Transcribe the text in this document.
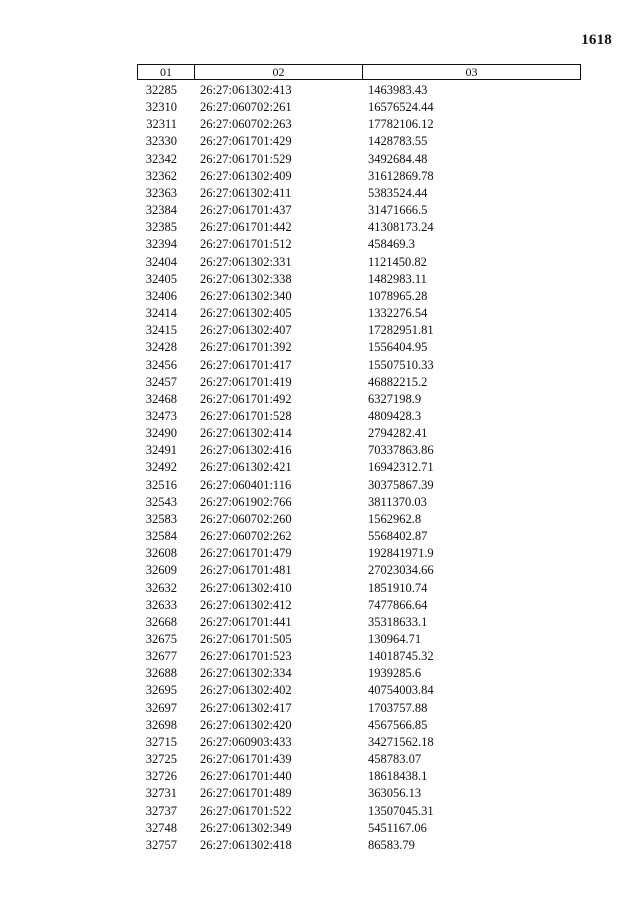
1618
01	02	03
32285 26:27:061302:413	1463983.43
32310 26:27:060702:261	16576524.44
32311 26:27:060702:263	17782106.12
32330 26:27:061701:429	1428783.55
32342 26:27:061701:529	3492684.48
32362 26:27:061302:409	31612869.78
32363 26:27:061302:411	5383524.44
32384 26:27:061701:437	31471666.5
32385 26:27:061701:442	41308173.24
32394 26:27:061701:512	458469.3
32404 26:27:061302:331	1121450.82
32405 26:27:061302:338	1482983.11
32406 26:27:061302:340	1078965.28
32414 26:27:061302:405	1332276.54
32415 26:27:061302:407	17282951.81
32428 26:27:061701:392	1556404.95
32456 26:27:061701:417	15507510.33
32457 26:27:061701:419	46882215.2
32468 26:27:061701:492	6327198.9
32473 26:27:061701:528	4809428.3
32490 26:27:061302:414	2794282.41
32491 26:27:061302:416	70337863.86
32492 26:27:061302:421	16942312.71
32516 26:27:060401:116	30375867.39
32543 26:27:061902:766	3811370.03
32583 26:27:060702:260	1562962.8
32584 26:27:060702:262	5568402.87
32608 26:27:061701:479	192841971.9
32609 26:27:061701:481	27023034.66
32632 26:27:061302:410	1851910.74
32633 26:27:061302:412	7477866.64
32668 26:27:061701:441	35318633.1
32675 26:27:061701:505	130964.71
32677 26:27:061701:523	14018745.32
32688 26:27:061302:334	1939285.6
32695 26:27:061302:402	40754003.84
32697 26:27:061302:417	1703757.88
32698 26:27:061302:420	4567566.85
32715 26:27:060903:433	34271562.18
32725 26:27:061701:439	458783.07
32726 26:27:061701:440	18618438.1
32731 26:27:061701:489	363056.13
32737 26:27:061701:522	13507045.31
32748 26:27:061302:349	5451167.06
32757 26:27:061302:418	86583.79
